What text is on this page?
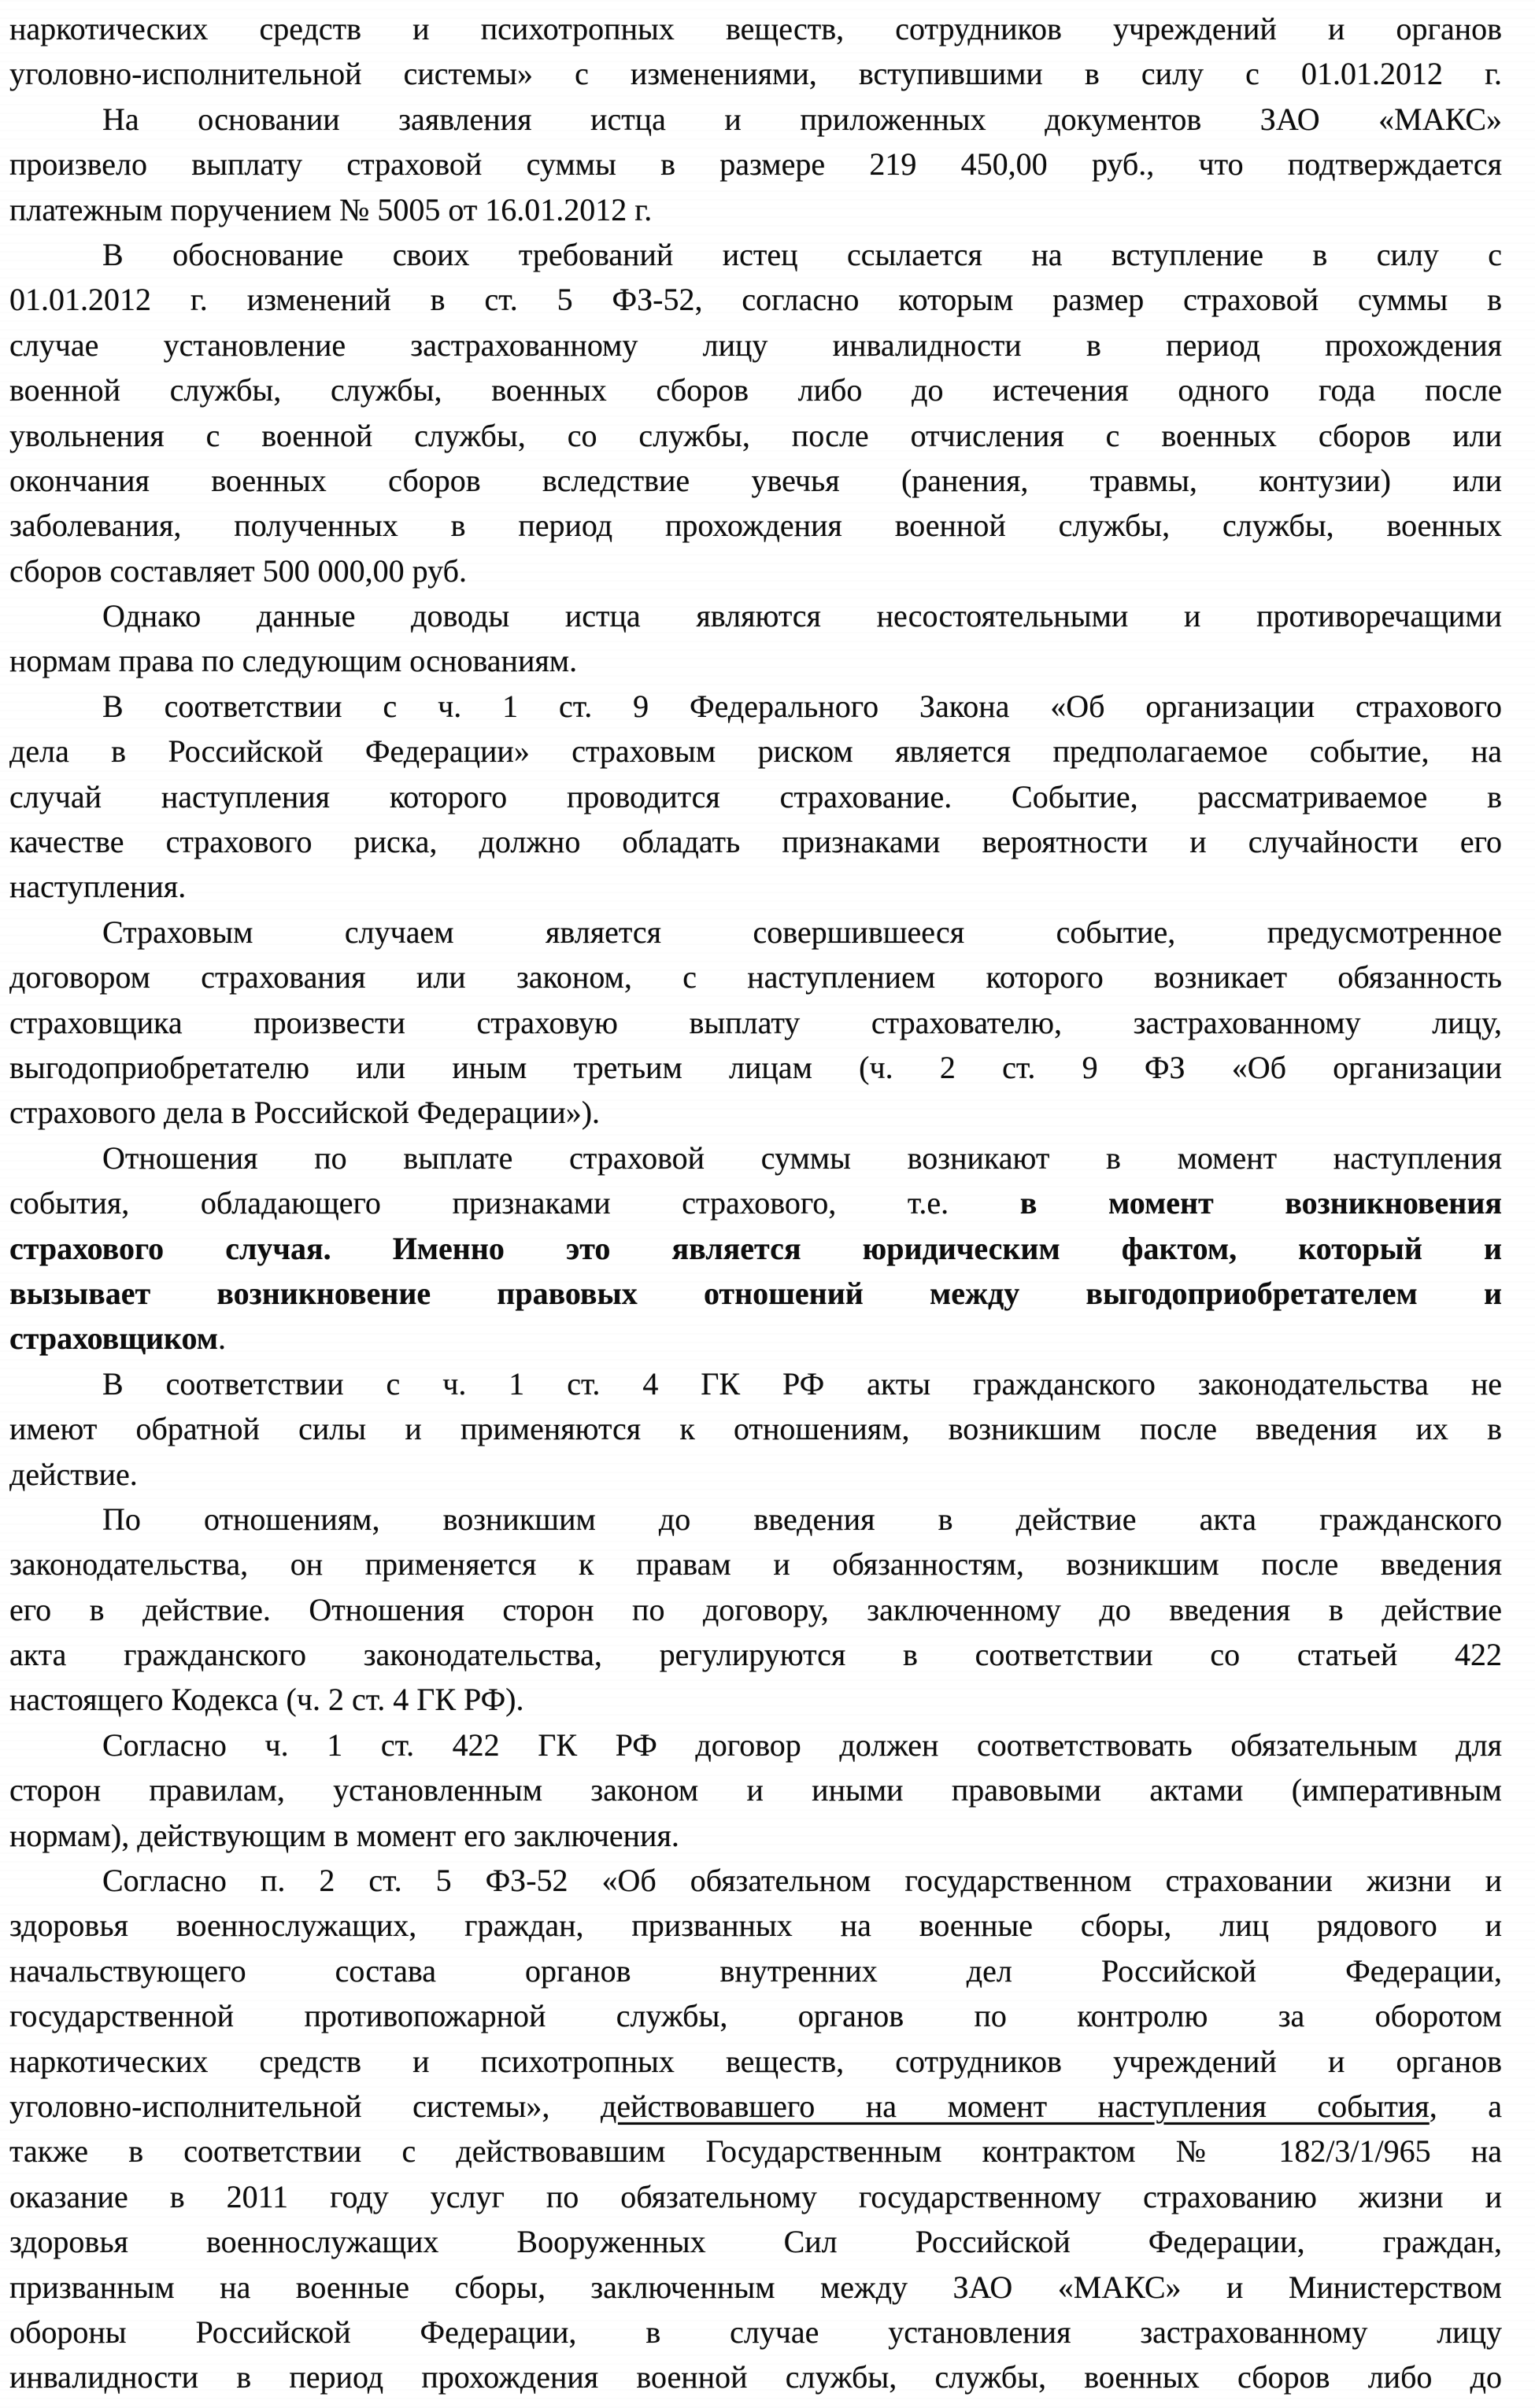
наркотических средств и психотропных веществ, сотрудников учреждений и органов
уголовно-исполнительной системы» с изменениями, вступившими в силу с 01.01.2012 г.
На основании заявления истца и приложенных документов ЗАО «МАКС»
произвело выплату страховой суммы в размере 219 450,00 руб., что подтверждается
платежным поручением № 5005 от 16.01.2012 г.
В обоснование своих требований истец ссылается на вступление в силу с
01.01.2012 г. изменений в ст. 5 ФЗ-52, согласно которым размер страховой суммы в
случае установление застрахованному лицу инвалидности в период прохождения
военной службы, службы, военных сборов либо до истечения одного года после
увольнения с военной службы, со службы, после отчисления с военных сборов или
окончания военных сборов вследствие увечья (ранения, травмы, контузии) или
заболевания, полученных в период прохождения военной службы, службы, военных
сборов составляет 500 000,00 руб.
Однако данные доводы истца являются несостоятельными и противоречащими
нормам права по следующим основаниям.
В соответствии с ч. 1 ст. 9 Федерального Закона «Об организации страхового
дела в Российской Федерации» страховым риском является предполагаемое событие, на
случай наступления которого проводится страхование. Событие, рассматриваемое в
качестве страхового риска, должно обладать признаками вероятности и случайности его
наступления.
Страховым случаем является совершившееся событие, предусмотренное
договором страхования или законом, с наступлением которого возникает обязанность
страховщика произвести страховую выплату страхователю, застрахованному лицу,
выгодоприобретателю или иным третьим лицам (ч. 2 ст. 9 ФЗ «Об организации
страхового дела в Российской Федерации»).
Отношения по выплате страховой суммы возникают в момент наступления
события, обладающего признаками страхового, т.е. в момент возникновения
страхового случая. Именно это является юридическим фактом, который и
вызывает возникновение правовых отношений между выгодоприобретателем и
страховщиком.
В соответствии с ч. 1 ст. 4 ГК РФ акты гражданского законодательства не
имеют обратной силы и применяются к отношениям, возникшим после введения их в
действие.
По отношениям, возникшим до введения в действие акта гражданского
законодательства, он применяется к правам и обязанностям, возникшим после введения
его в действие. Отношения сторон по договору, заключенному до введения в действие
акта гражданского законодательства, регулируются в соответствии со статьей 422
настоящего Кодекса (ч. 2 ст. 4 ГК РФ).
Согласно ч. 1 ст. 422 ГК РФ договор должен соответствовать обязательным для
сторон правилам, установленным законом и иными правовыми актами (императивным
нормам), действующим в момент его заключения.
Согласно п. 2 ст. 5 ФЗ-52 «Об обязательном государственном страховании жизни и
здоровья военнослужащих, граждан, призванных на военные сборы, лиц рядового и
начальствующего состава органов внутренних дел Российской Федерации,
государственной противопожарной службы, органов по контролю за оборотом
наркотических средств и психотропных веществ, сотрудников учреждений и органов
уголовно-исполнительной системы», действовавшего на момент наступления события, а
также в соответствии с действовавшим Государственным контрактом № 182/3/1/965 на
оказание в 2011 году услуг по обязательному государственному страхованию жизни и
здоровья военнослужащих Вооруженных Сил Российской Федерации, граждан,
призванным на военные сборы, заключенным между ЗАО «МАКС» и Министерством
обороны Российской Федерации, в случае установления застрахованному лицу
инвалидности в период прохождения военной службы, службы, военных сборов либо до
